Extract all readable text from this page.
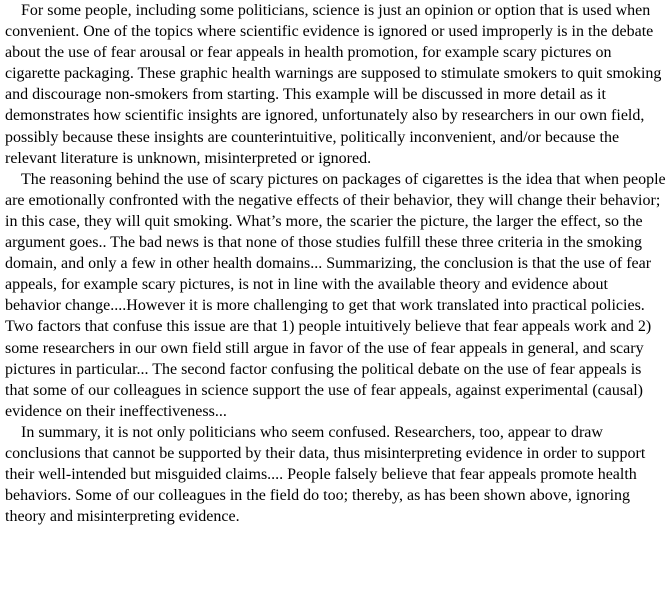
For some people, including some politicians, science is just an opinion or option that is used when convenient. One of the topics where scientific evidence is ignored or used improperly is in the debate about the use of fear arousal or fear appeals in health promotion, for example scary pictures on cigarette packaging. These graphic health warnings are supposed to stimulate smokers to quit smoking and discourage non-smokers from starting. This example will be discussed in more detail as it demonstrates how scientific insights are ignored, unfortunately also by researchers in our own field, possibly because these insights are counterintuitive, politically inconvenient, and/or because the relevant literature is unknown, misinterpreted or ignored.

The reasoning behind the use of scary pictures on packages of cigarettes is the idea that when people are emotionally confronted with the negative effects of their behavior, they will change their behavior; in this case, they will quit smoking. What’s more, the scarier the picture, the larger the effect, so the argument goes.. The bad news is that none of those studies fulfill these three criteria in the smoking domain, and only a few in other health domains... Summarizing, the conclusion is that the use of fear appeals, for example scary pictures, is not in line with the available theory and evidence about behavior change....However it is more challenging to get that work translated into practical policies. Two factors that confuse this issue are that 1) people intuitively believe that fear appeals work and 2) some researchers in our own field still argue in favor of the use of fear appeals in general, and scary pictures in particular... The second factor confusing the political debate on the use of fear appeals is that some of our colleagues in science support the use of fear appeals, against experimental (causal) evidence on their ineffectiveness...

In summary, it is not only politicians who seem confused. Researchers, too, appear to draw conclusions that cannot be supported by their data, thus misinterpreting evidence in order to support their well-intended but misguided claims.... People falsely believe that fear appeals promote health behaviors. Some of our colleagues in the field do too; thereby, as has been shown above, ignoring theory and misinterpreting evidence.
